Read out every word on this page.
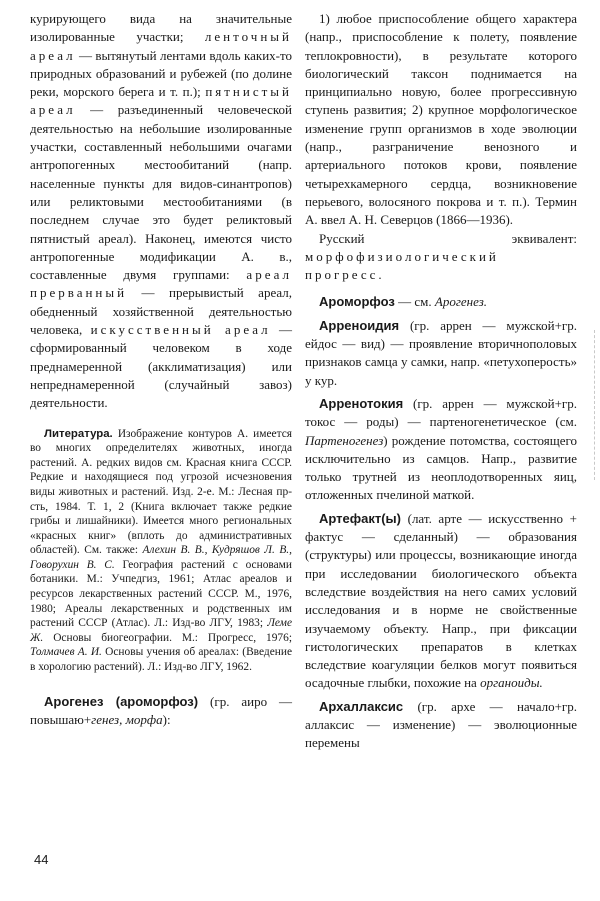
курирующего вида на значительные изолированные участки; ленточный ареал — вытянутый лентами вдоль каких-то природных образований и рубежей (по долине реки, морского берега и т. п.); пятнистый ареал — разъединенный человеческой деятельностью на небольшие изолированные участки, составленный небольшими очагами антропогенных местообитаний (напр. населенные пункты для видов-синантропов) или реликтовыми местообитаниями (в последнем случае это будет реликтовый пятнистый ареал). Наконец, имеются чисто антропогенные модификации А. в., составленные двумя группами: ареал прерванный — прерывистый ареал, обедненный хозяйственной деятельностью человека, искусственный ареал — сформированный человеком в ходе преднамеренной (акклиматизация) или непреднамеренной (случайный завоз) деятельности.

Литература. Изображение контуров А. имеется во многих определителях животных, иногда растений. А. редких видов см. Красная книга СССР. Редкие и находящиеся под угрозой исчезновения виды животных и растений. Изд. 2-е. М.: Лесная пр-сть, 1984. Т. 1, 2 (Книга включает также редкие грибы и лишайники). Имеется много региональных «красных книг» (вплоть до административных областей). См. также: Алехин В. В., Кудряшов Л. В., Говорухин В. С. География растений с основами ботаники. М.: Учпедгиз, 1961; Атлас ареалов и ресурсов лекарственных растений СССР. М., 1976, 1980; Ареалы лекарственных и родственных им растений СССР (Атлас). Л.: Изд-во ЛГУ, 1983; Леме Ж. Основы биогеографии. М.: Прогресс, 1976; Толмачев А. И. Основы учения об ареалах: (Введение в хорологию растений). Л.: Изд-во ЛГУ, 1962.

Арогенез (ароморфоз) (гр. аиро — повышаю+генез, морфа):

1) любое приспособление общего характера (напр., приспособление к полету, появление теплокровности), в результате которого биологический таксон поднимается на принципиально новую, более прогрессивную ступень развития; 2) крупное морфологическое изменение групп организмов в ходе эволюции (напр., разграничение венозного и артериального потоков крови, появление четырехкамерного сердца, возникновение перьевого, волосяного покрова и т. п.). Термин А. ввел А. Н. Северцов (1866—1936).

Русский эквивалент: морфофизиологический прогресс.

Ароморфоз — см. Арогенез.

Арреноидия (гр. аррен — мужской+гр. ейдос — вид) — проявление вторичнополовых признаков самца у самки, напр. «петухоперость» у кур.

Арренотокия (гр. аррен — мужской+гр. токос — роды) — партеногенетическое (см. Партеногенез) рождение потомства, состоящего исключительно из самцов. Напр., развитие только трутней из неоплодотворенных яиц, отложенных пчелиной маткой.

Артефакт(ы) (лат. арте — искусственно + фактус — сделанный) — образования (структуры) или процессы, возникающие иногда при исследовании биологического объекта вследствие воздействия на него самих условий исследования и в норме не свойственные изучаемому объекту. Напр., при фиксации гистологических препаратов в клетках вследствие коагуляции белков могут появиться осадочные глыбки, похожие на органоиды.

Архаллаксис (гр. архе — начало+гр. аллаксис — изменение) — эволюционные перемены

44
